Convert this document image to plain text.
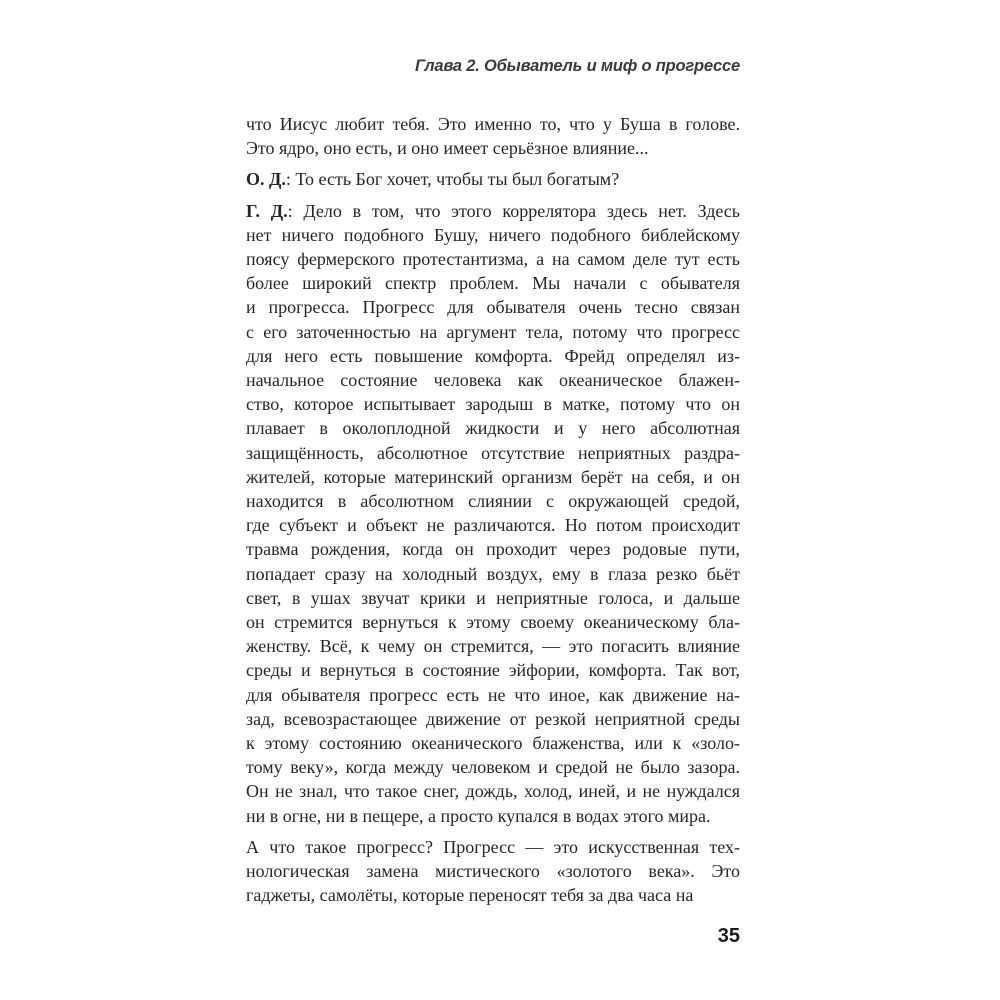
Глава 2. Обыватель и миф о прогрессе

что Иисус любит тебя. Это именно то, что у Буша в голове.
Это ядро, оно есть, и оно имеет серьёзное влияние...

О. Д.: То есть Бог хочет, чтобы ты был богатым?

Г. Д.: Дело в том, что этого коррелятора здесь нет. Здесь
нет ничего подобного Бушу, ничего подобного библейскому
поясу фермерского протестантизма, а на самом деле тут есть
более широкий спектр проблем. Мы начали с обывателя
и прогресса. Прогресс для обывателя очень тесно связан
с его заточенностью на аргумент тела, потому что прогресс
для него есть повышение комфорта. Фрейд определял из-
начальное состояние человека как океаническое блажен-
ство, которое испытывает зародыш в матке, потому что он
плавает в околоплодной жидкости и у него абсолютная
защищённость, абсолютное отсутствие неприятных раздра-
жителей, которые материнский организм берёт на себя, и он
находится в абсолютном слиянии с окружающей средой,
где субъект и объект не различаются. Но потом происходит
травма рождения, когда он проходит через родовые пути,
попадает сразу на холодный воздух, ему в глаза резко бьёт
свет, в ушах звучат крики и неприятные голоса, и дальше
он стремится вернуться к этому своему океаническому бла-
женству. Всё, к чему он стремится, — это погасить влияние
среды и вернуться в состояние эйфории, комфорта. Так вот,
для обывателя прогресс есть не что иное, как движение на-
зад, всевозрастающее движение от резкой неприятной среды
к этому состоянию океанического блаженства, или к «золо-
тому веку», когда между человеком и средой не было зазора.
Он не знал, что такое снег, дождь, холод, иней, и не нуждался
ни в огне, ни в пещере, а просто купался в водах этого мира.

А что такое прогресс? Прогресс — это искусственная тех-
нологическая замена мистического «золотого века». Это
гаджеты, самолёты, которые переносят тебя за два часа на

35
